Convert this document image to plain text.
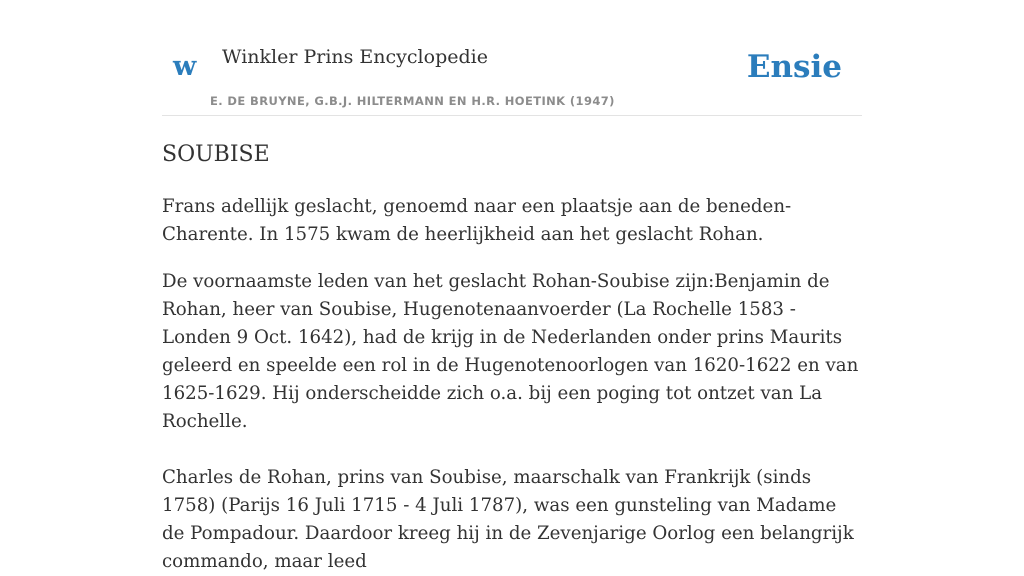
w Winkler Prins Encyclopedie
E. DE BRUYNE, G.B.J. HILTERMANN EN H.R. HOETINK (1947)
Ensie
SOUBISE

Frans adellijk geslacht, genoemd naar een plaatsje aan de beneden-Charente. In 1575 kwam de heerlijkheid aan het geslacht Rohan.

De voornaamste leden van het geslacht Rohan-Soubise zijn:Benjamin de Rohan, heer van Soubise, Hugenotenaanvoerder (La Rochelle 1583 - Londen 9 Oct. 1642), had de krijg in de Nederlanden onder prins Maurits geleerd en speelde een rol in de Hugenotenoorlogen van 1620-1622 en van 1625-1629. Hij onderscheidde zich o.a. bij een poging tot ontzet van La Rochelle.

Charles de Rohan, prins van Soubise, maarschalk van Frankrijk (sinds 1758) (Parijs 16 Juli 1715 - 4 Juli 1787), was een gunsteling van Madame de Pompadour. Daardoor kreeg hij in de Zevenjarige Oorlog een belangrijk commando, maar leed
